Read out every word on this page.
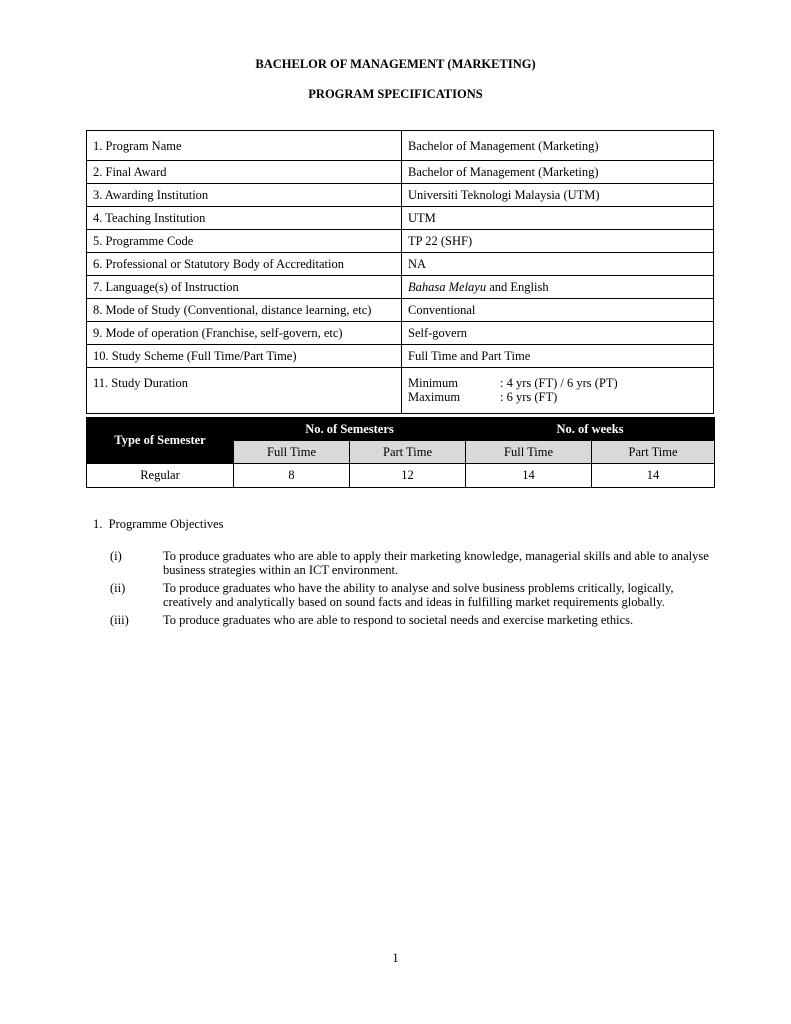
BACHELOR OF MANAGEMENT (MARKETING)
PROGRAM SPECIFICATIONS
1. Program Name	Bachelor of Management (Marketing)
2. Final Award	Bachelor of Management (Marketing)
3. Awarding Institution	Universiti Teknologi Malaysia (UTM)
4. Teaching Institution	UTM
5. Programme Code	TP 22 (SHF)
6. Professional or Statutory Body of Accreditation	NA
7. Language(s) of Instruction	Bahasa Melayu and English
8. Mode of Study (Conventional, distance learning, etc)	Conventional
9. Mode of operation (Franchise, self-govern, etc)	Self-govern
10. Study Scheme (Full Time/Part Time)	Full Time and Part Time
11. Study Duration	Minimum : 4 yrs (FT) / 6 yrs (PT)
Maximum : 6 yrs (FT)
Type of Semester	No. of Semesters		No. of weeks	
	Full Time	Part Time	Full Time	Part Time
Regular	8	12	14	14
1.  Programme Objectives
(i)	To produce graduates who are able to apply their marketing knowledge, managerial skills and able to analyse business strategies within an ICT environment.
(ii)	To produce graduates who have the ability to analyse and solve business problems critically, logically, creatively and analytically based on sound facts and ideas in fulfilling market requirements globally.
(iii)	To produce graduates who are able to respond to societal needs and exercise marketing ethics.
1
